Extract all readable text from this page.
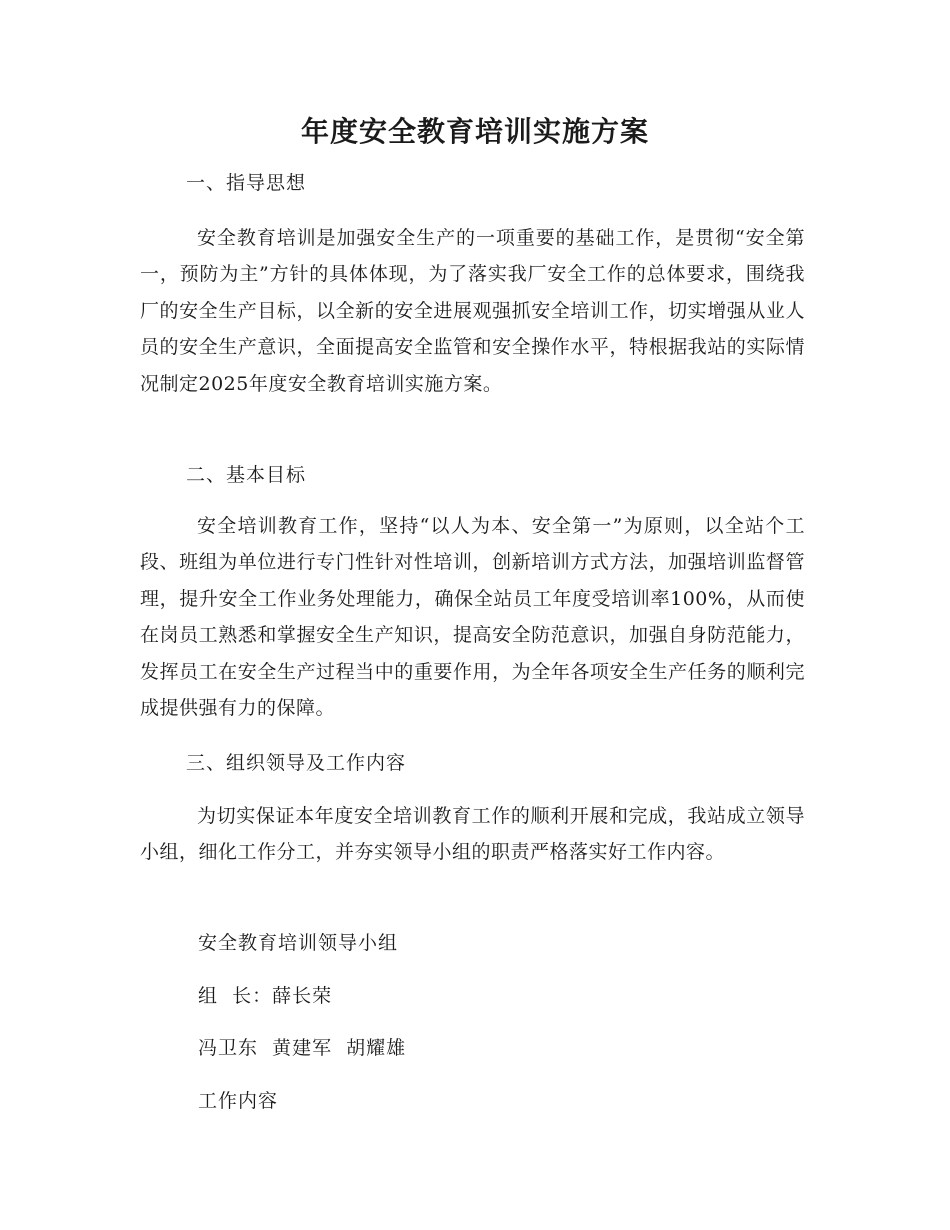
年度安全教育培训实施方案
一、指导思想

安全教育培训是加强安全生产的一项重要的基础工作，是贯彻“安全第一，预防为主”方针的具体体现，为了落实我厂安全工作的总体要求，围绕我厂的安全生产目标，以全新的安全进展观强抓安全培训工作，切实增强从业人员的安全生产意识，全面提高安全监管和安全操作水平，特根据我站的实际情况制定2025年度安全教育培训实施方案。

二、基本目标

安全培训教育工作，坚持“以人为本、安全第一”为原则，以全站个工段、班组为单位进行专门性针对性培训，创新培训方式方法，加强培训监督管理，提升安全工作业务处理能力，确保全站员工年度受培训率100%，从而使在岗员工熟悉和掌握安全生产知识，提高安全防范意识，加强自身防范能力，发挥员工在安全生产过程当中的重要作用，为全年各项安全生产任务的顺利完成提供强有力的保障。

三、组织领导及工作内容

为切实保证本年度安全培训教育工作的顺利开展和完成，我站成立领导小组，细化工作分工，并夯实领导小组的职责严格落实好工作内容。

安全教育培训领导小组
组  长：薛长荣
冯卫东  黄建军  胡耀雄
工作内容
